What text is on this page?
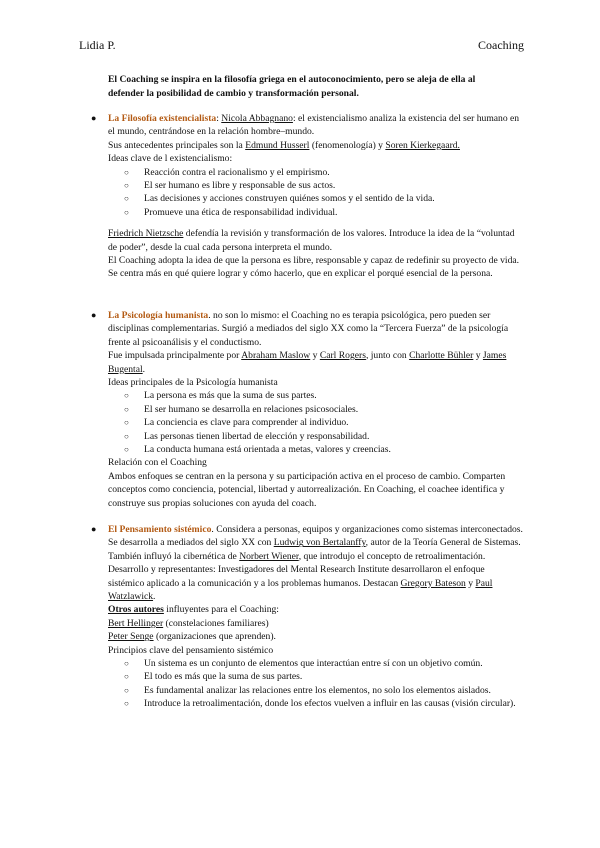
Lidia P.	Coaching

El Coaching se inspira en la filosofía griega en el autoconocimiento, pero se aleja de ella al defender la posibilidad de cambio y transformación personal.

● La Filosofía existencialista: Nicola Abbagnano: el existencialismo analiza la existencia del ser humano en el mundo, centrándose en la relación hombre–mundo.

Sus antecedentes principales son la Edmund Husserl (fenomenología) y Soren Kierkegaard.

Ideas clave de l existencialismo:

○ Reacción contra el racionalismo y el empirismo.
○ El ser humano es libre y responsable de sus actos.
○ Las decisiones y acciones construyen quiénes somos y el sentido de la vida.
○ Promueve una ética de responsabilidad individual.

Friedrich Nietzsche defendía la revisión y transformación de los valores. Introduce la idea de la “voluntad de poder”, desde la cual cada persona interpreta el mundo.

El Coaching adopta la idea de que la persona es libre, responsable y capaz de redefinir su proyecto de vida. Se centra más en qué quiere lograr y cómo hacerlo, que en explicar el porqué esencial de la persona.

● La Psicología humanista. no son lo mismo: el Coaching no es terapia psicológica, pero pueden ser disciplinas complementarias. Surgió a mediados del siglo XX como la “Tercera Fuerza” de la psicología frente al psicoanálisis y el conductismo.

Fue impulsada principalmente por Abraham Maslow y Carl Rogers, junto con Charlotte Bühler y James Bugental.

Ideas principales de la Psicología humanista

○ La persona es más que la suma de sus partes.
○ El ser humano se desarrolla en relaciones psicosociales.
○ La conciencia es clave para comprender al individuo.
○ Las personas tienen libertad de elección y responsabilidad.
○ La conducta humana está orientada a metas, valores y creencias.

Relación con el Coaching

Ambos enfoques se centran en la persona y su participación activa en el proceso de cambio. Comparten conceptos como conciencia, potencial, libertad y autorrealización. En Coaching, el coachee identifica y construye sus propias soluciones con ayuda del coach.

● El Pensamiento sistémico. Considera a personas, equipos y organizaciones como sistemas interconectados. Se desarrolla a mediados del siglo XX con Ludwig von Bertalanffy, autor de la Teoría General de Sistemas. También influyó la cibernética de Norbert Wiener, que introdujo el concepto de retroalimentación.

Desarrollo y representantes: Investigadores del Mental Research Institute desarrollaron el enfoque sistémico aplicado a la comunicación y a los problemas humanos. Destacan Gregory Bateson y Paul Watzlawick.

Otros autores influyentes para el Coaching:

Bert Hellinger (constelaciones familiares)

Peter Senge (organizaciones que aprenden).

Principios clave del pensamiento sistémico

○ Un sistema es un conjunto de elementos que interactúan entre sí con un objetivo común.
○ El todo es más que la suma de sus partes.
○ Es fundamental analizar las relaciones entre los elementos, no solo los elementos aislados.
○ Introduce la retroalimentación, donde los efectos vuelven a influir en las causas (visión circular).
